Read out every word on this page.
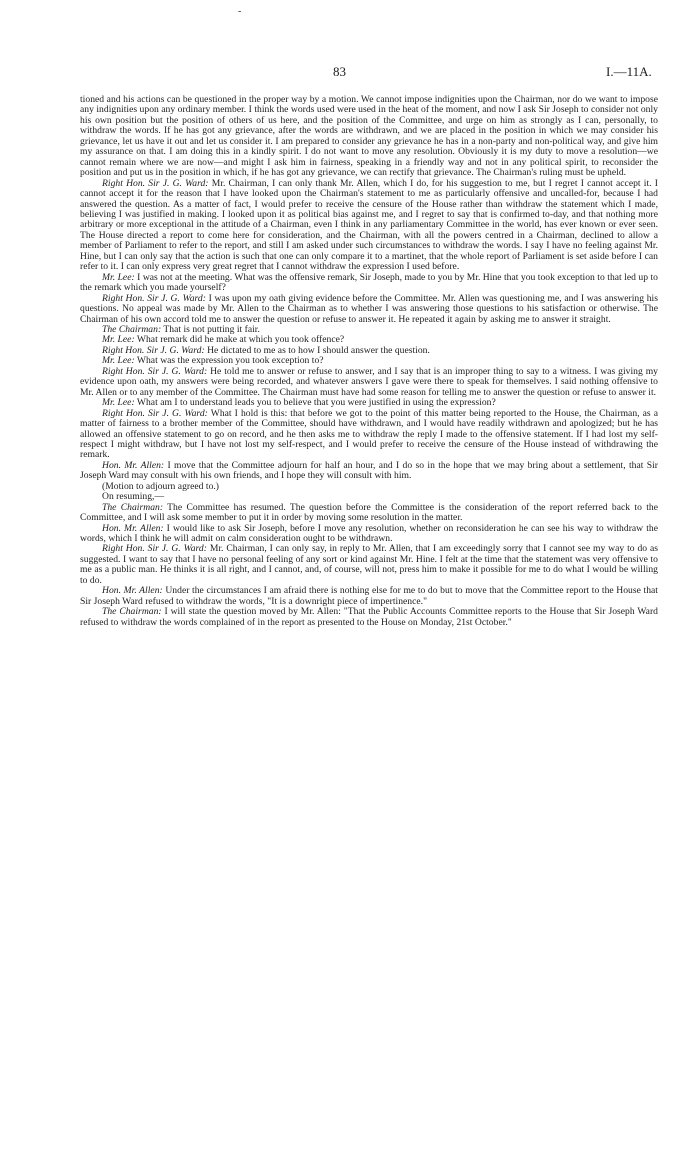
-
83	I.—11A.

tioned and his actions can be questioned in the proper way by a motion. We cannot impose indignities upon the Chairman, nor do we want to impose any indignities upon any ordinary member. I think the words used were used in the heat of the moment, and now I ask Sir Joseph to consider not only his own position but the position of others of us here, and the position of the Committee, and urge on him as strongly as I can, personally, to withdraw the words. If he has got any grievance, after the words are withdrawn, and we are placed in the position in which we may consider his grievance, let us have it out and let us consider it. I am prepared to consider any grievance he has in a non-party and non-political way, and give him my assurance on that. I am doing this in a kindly spirit. I do not want to move any resolution. Obviously it is my duty to move a resolution—we cannot remain where we are now—and might I ask him in fairness, speaking in a friendly way and not in any political spirit, to reconsider the position and put us in the position in which, if he has got any grievance, we can rectify that grievance. The Chairman's ruling must be upheld.

Right Hon. Sir J. G. Ward: Mr. Chairman, I can only thank Mr. Allen, which I do, for his suggestion to me, but I regret I cannot accept it. I cannot accept it for the reason that I have looked upon the Chairman's statement to me as particularly offensive and uncalled-for, because I had answered the question. As a matter of fact, I would prefer to receive the censure of the House rather than withdraw the statement which I made, believing I was justified in making. I looked upon it as political bias against me, and I regret to say that is confirmed to-day, and that nothing more arbitrary or more exceptional in the attitude of a Chairman, even I think in any parliamentary Committee in the world, has ever known or ever seen. The House directed a report to come here for consideration, and the Chairman, with all the powers centred in a Chairman, declined to allow a member of Parliament to refer to the report, and still I am asked under such circumstances to withdraw the words. I say I have no feeling against Mr. Hine, but I can only say that the action is such that one can only compare it to a martinet, that the whole report of Parliament is set aside before I can refer to it. I can only express very great regret that I cannot withdraw the expression I used before.

Mr. Lee: I was not at the meeting. What was the offensive remark, Sir Joseph, made to you by Mr. Hine that you took exception to that led up to the remark which you made yourself?

Right Hon. Sir J. G. Ward: I was upon my oath giving evidence before the Committee. Mr. Allen was questioning me, and I was answering his questions. No appeal was made by Mr. Allen to the Chairman as to whether I was answering those questions to his satisfaction or otherwise. The Chairman of his own accord told me to answer the question or refuse to answer it. He repeated it again by asking me to answer it straight.

The Chairman: That is not putting it fair.

Mr. Lee: What remark did he make at which you took offence?

Right Hon. Sir J. G. Ward: He dictated to me as to how I should answer the question.

Mr. Lee: What was the expression you took exception to?

Right Hon. Sir J. G. Ward: He told me to answer or refuse to answer, and I say that is an improper thing to say to a witness. I was giving my evidence upon oath, my answers were being recorded, and whatever answers I gave were there to speak for themselves. I said nothing offensive to Mr. Allen or to any member of the Committee. The Chairman must have had some reason for telling me to answer the question or refuse to answer it.

Mr. Lee: What am I to understand leads you to believe that you were justified in using the expression?

Right Hon. Sir J. G. Ward: What I hold is this: that before we got to the point of this matter being reported to the House, the Chairman, as a matter of fairness to a brother member of the Committee, should have withdrawn, and I would have readily withdrawn and apologized; but he has allowed an offensive statement to go on record, and he then asks me to withdraw the reply I made to the offensive statement. If I had lost my self-respect I might withdraw, but I have not lost my self-respect, and I would prefer to receive the censure of the House instead of withdrawing the remark.

Hon. Mr. Allen: I move that the Committee adjourn for half an hour, and I do so in the hope that we may bring about a settlement, that Sir Joseph Ward may consult with his own friends, and I hope they will consult with him.

(Motion to adjourn agreed to.)

On resuming,—

The Chairman: The Committee has resumed. The question before the Committee is the consideration of the report referred back to the Committee, and I will ask some member to put it in order by moving some resolution in the matter.

Hon. Mr. Allen: I would like to ask Sir Joseph, before I move any resolution, whether on reconsideration he can see his way to withdraw the words, which I think he will admit on calm consideration ought to be withdrawn.

Right Hon. Sir J. G. Ward: Mr. Chairman, I can only say, in reply to Mr. Allen, that I am exceedingly sorry that I cannot see my way to do as suggested. I want to say that I have no personal feeling of any sort or kind against Mr. Hine. I felt at the time that the statement was very offensive to me as a public man. He thinks it is all right, and I cannot, and, of course, will not, press him to make it possible for me to do what I would be willing to do.

Hon. Mr. Allen: Under the circumstances I am afraid there is nothing else for me to do but to move that the Committee report to the House that Sir Joseph Ward refused to withdraw the words, "It is a downright piece of impertinence."

The Chairman: I will state the question moved by Mr. Allen: "That the Public Accounts Committee reports to the House that Sir Joseph Ward refused to withdraw the words complained of in the report as presented to the House on Monday, 21st October."
